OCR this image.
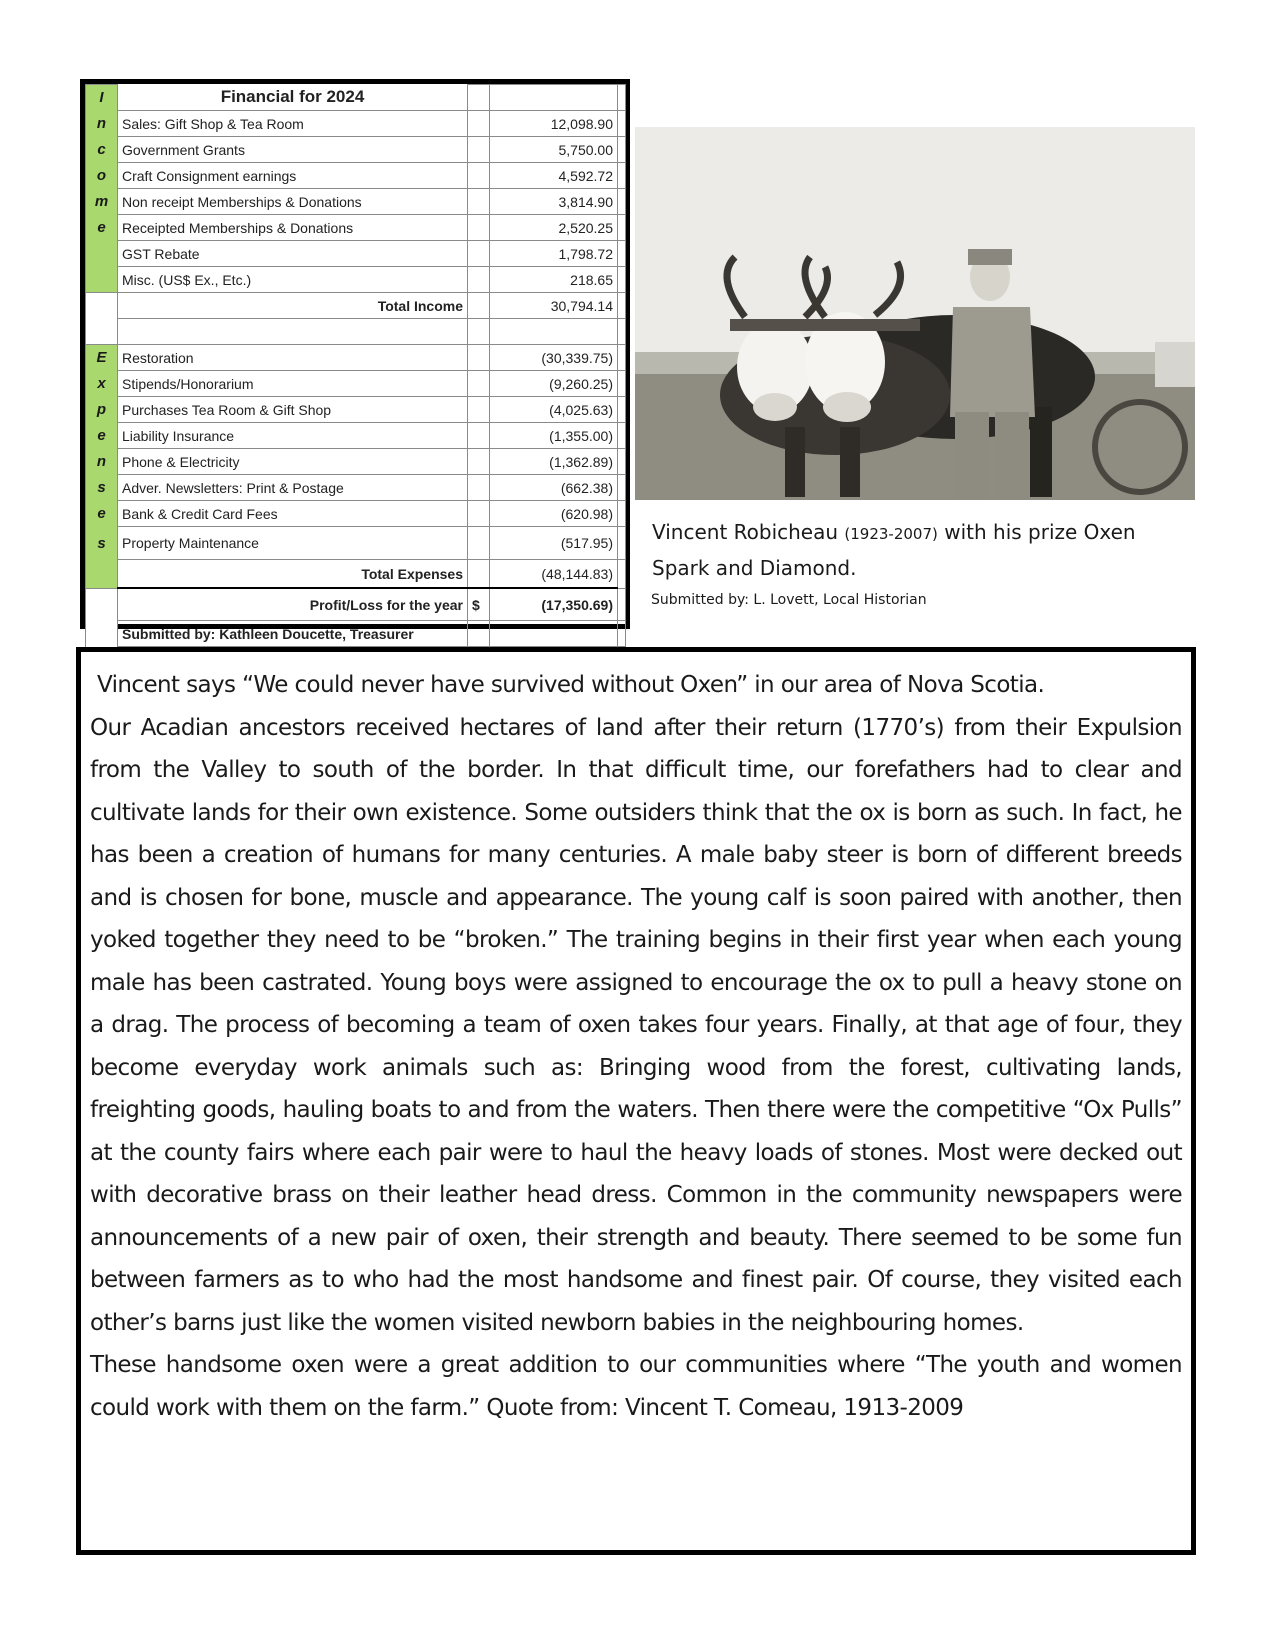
I	Financial for 2024			
n	Sales: Gift Shop & Tea Room		12,098.90	
c	Government Grants		5,750.00	
o	Craft Consignment earnings		4,592.72	
m	Non receipt Memberships & Donations		3,814.90	
e	Receipted Memberships & Donations		2,520.25	
	GST Rebate		1,798.72	
	Misc. (US$ Ex., Etc.)		218.65	
	Total Income		30,794.14	

E	Restoration		(30,339.75)	
x	Stipends/Honorarium		(9,260.25)	
p	Purchases Tea Room & Gift Shop		(4,025.63)	
e	Liability Insurance		(1,355.00)	
n	Phone & Electricity		(1,362.89)	
s	Adver. Newsletters: Print & Postage		(662.38)	
e	Bank & Credit Card Fees		(620.98)	
s	Property Maintenance		(517.95)	
	Total Expenses		(48,144.83)	
	Profit/Loss for the year	$	(17,350.69)	
	Submitted by: Kathleen Doucette, Treasurer			
Vincent Robicheau (1923-2007) with his prize Oxen
Spark and Diamond.
Submitted by: L. Lovett, Local Historian

Vincent says “We could never have survived without Oxen” in our area of Nova Scotia.

Our Acadian ancestors received hectares of land after their return (1770’s) from their Expulsion from the Valley to south of the border. In that difficult time, our forefathers had to clear and cultivate lands for their own existence. Some outsiders think that the ox is born as such. In fact, he has been a creation of humans for many centuries. A male baby steer is born of different breeds and is chosen for bone, muscle and appearance. The young calf is soon paired with another, then yoked together they need to be “broken.” The training begins in their first year when each young male has been castrated. Young boys were assigned to encourage the ox to pull a heavy stone on a drag. The process of becoming a team of oxen takes four years. Finally, at that age of four, they become everyday work animals such as: Bringing wood from the forest, cultivating lands, freighting goods, hauling boats to and from the waters. Then there were the competitive “Ox Pulls” at the county fairs where each pair were to haul the heavy loads of stones. Most were decked out with decorative brass on their leather head dress. Common in the community newspapers were announcements of a new pair of oxen, their strength and beauty. There seemed to be some fun between farmers as to who had the most handsome and finest pair. Of course, they visited each other’s barns just like the women visited newborn babies in the neighbouring homes.

These handsome oxen were a great addition to our communities where “The youth and women could work with them on the farm.” Quote from: Vincent T. Comeau, 1913-2009
